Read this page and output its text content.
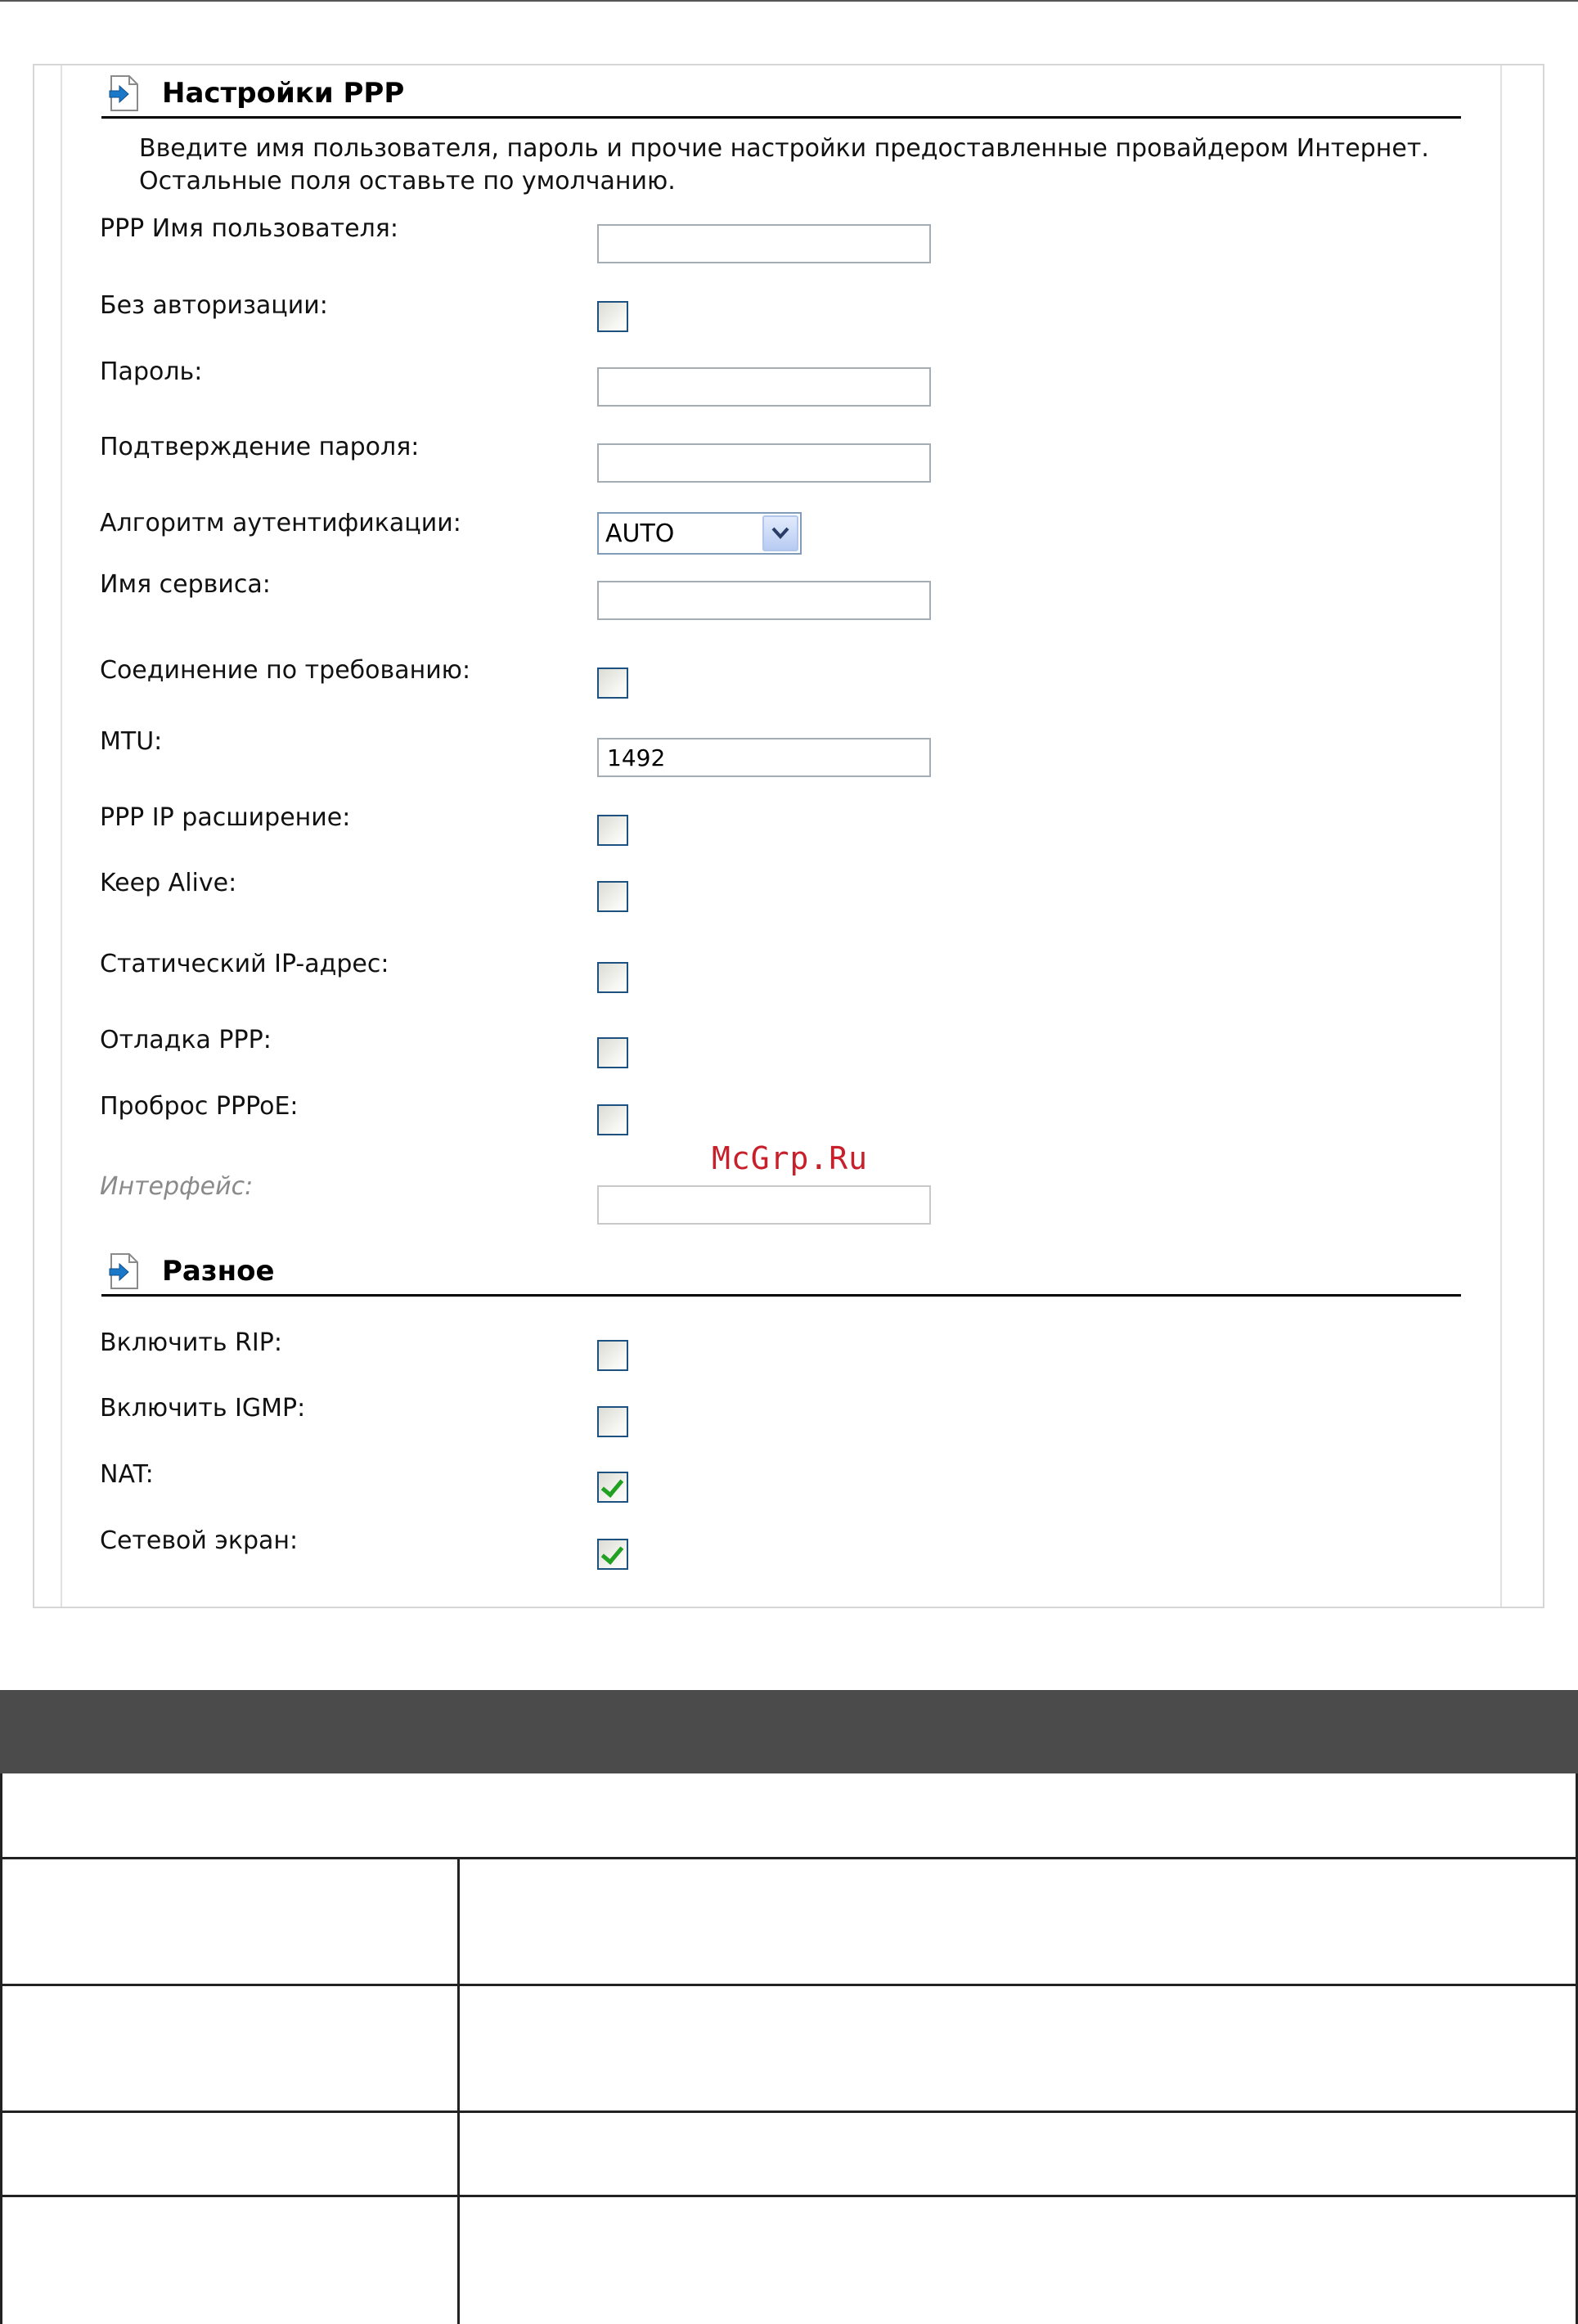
Настройки PPP
Введите имя пользователя, пароль и прочие настройки предоставленные провайдером Интернет.
Остальные поля оставьте по умолчанию.
PPP Имя пользователя:
Без авторизации:
Пароль:
Подтверждение пароля:
Алгоритм аутентификации:	AUTO
Имя сервиса:
Соединение по требованию:
MTU:
1492
PPP IP расширение:
Keep Alive:
Статический IP-адрес:
Отладка PPP:
Проброс PPPoE:
McGrp.Ru
Интерфейс:
Разное
Включить RIP:
Включить IGMP:
NAT:
Сетевой экран:
